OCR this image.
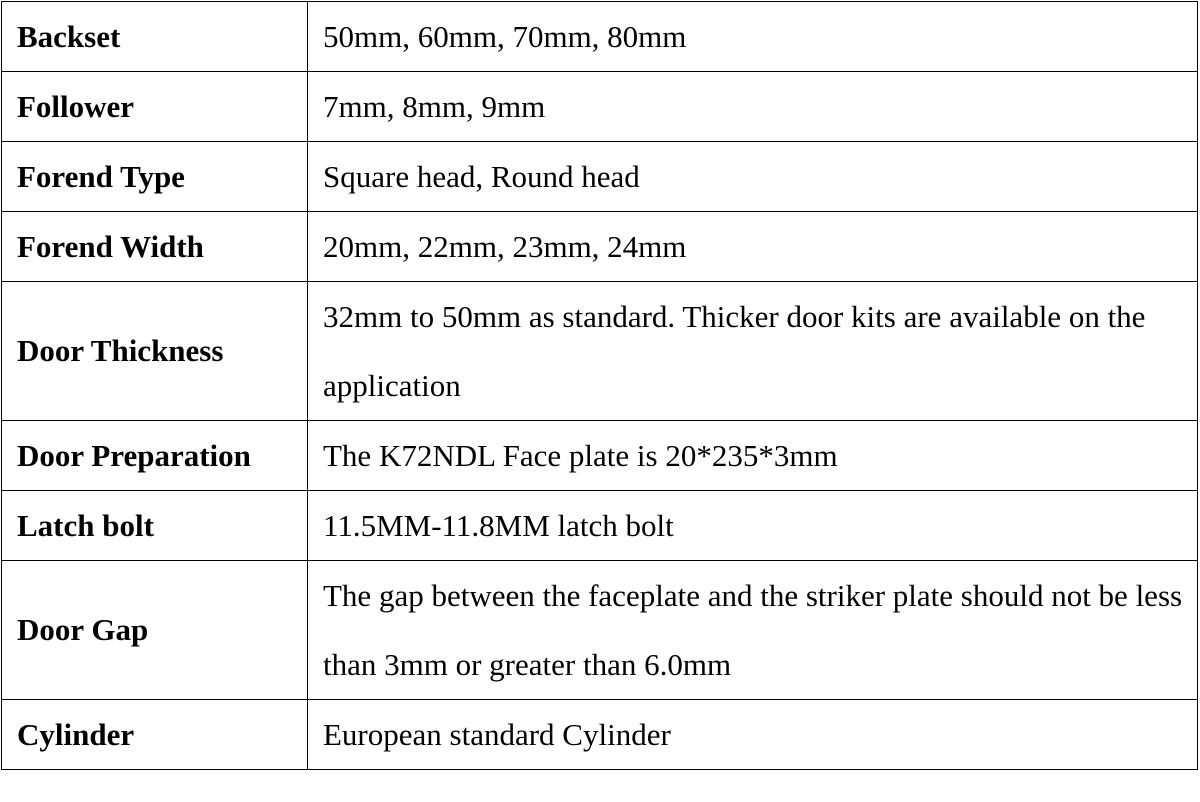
Backset	50mm, 60mm, 70mm, 80mm
Follower	7mm, 8mm, 9mm
Forend Type	Square head, Round head
Forend Width	20mm, 22mm, 23mm, 24mm
Door Thickness	32mm to 50mm as standard. Thicker door kits are available on the application
Door Preparation	The K72NDL Face plate is 20*235*3mm
Latch bolt	11.5MM-11.8MM latch bolt
Door Gap	The gap between the faceplate and the striker plate should not be less than 3mm or greater than 6.0mm
Cylinder	European standard Cylinder
